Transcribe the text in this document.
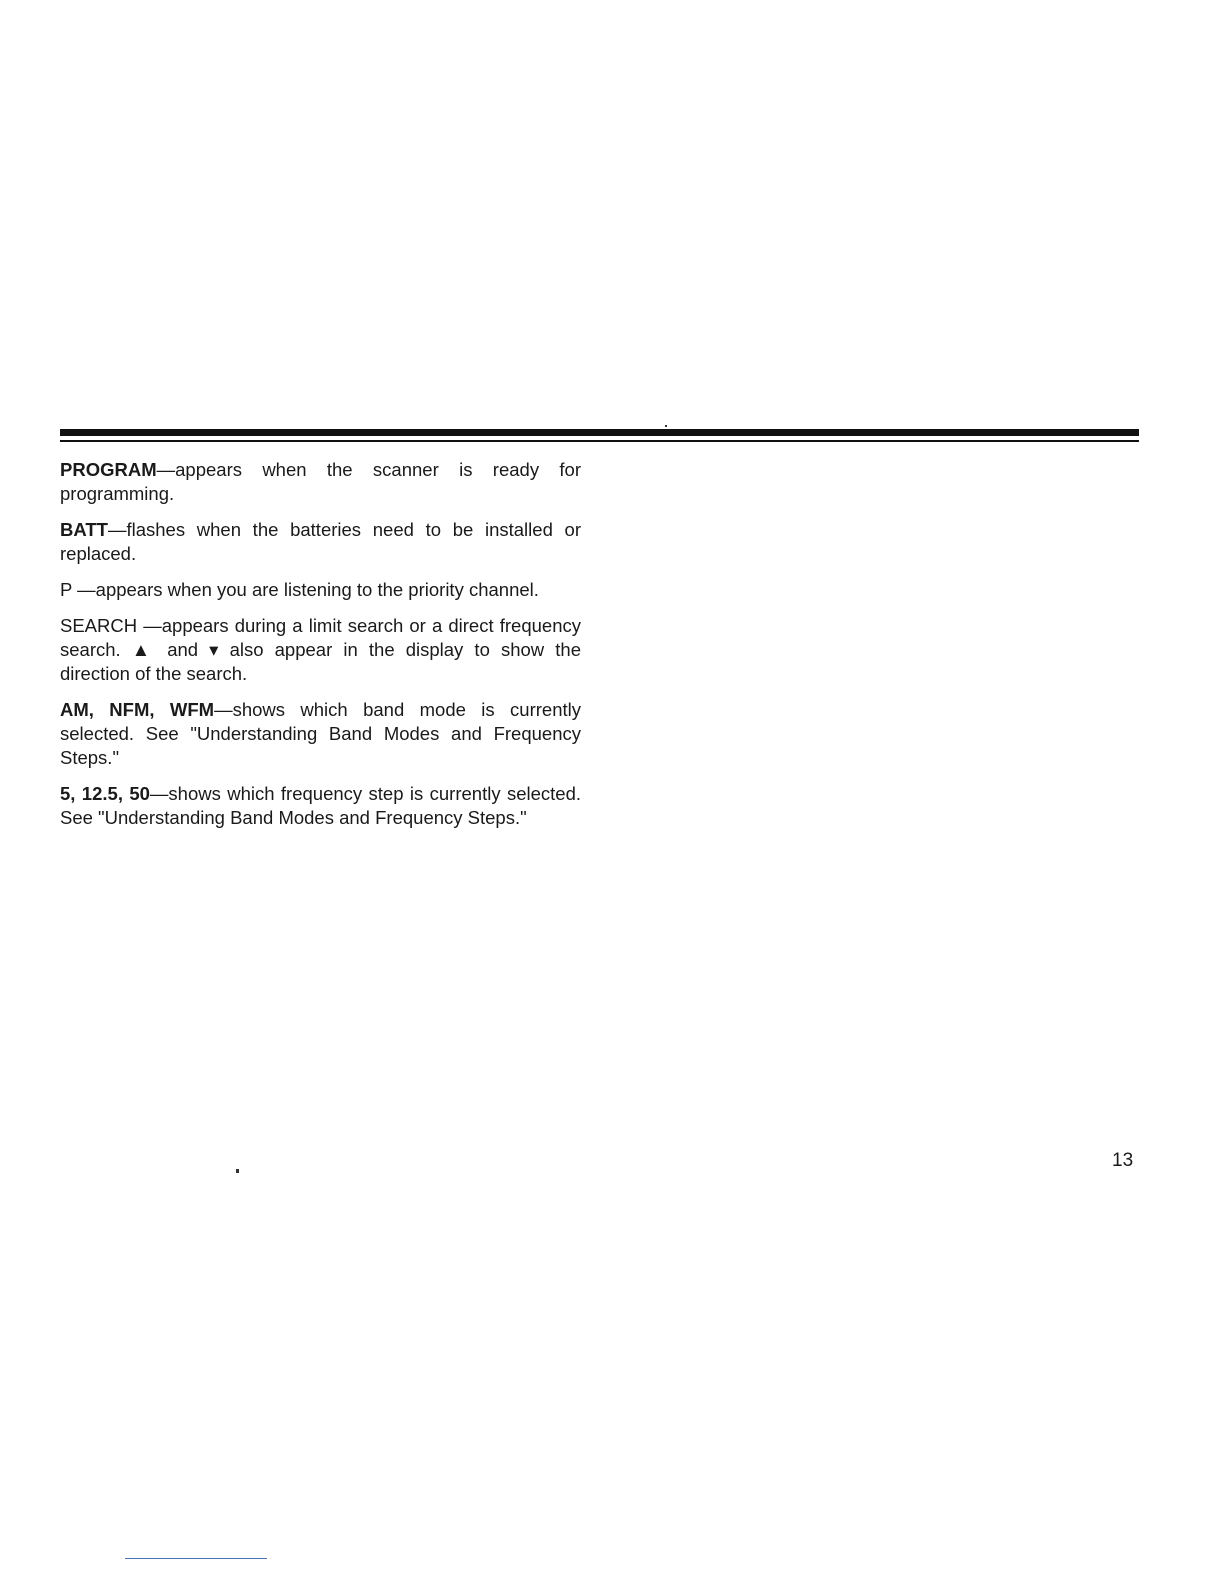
PROGRAM—appears when the scanner is ready for programming.

BATT—flashes when the batteries need to be installed or replaced.

P —appears when you are listening to the priority channel.

SEARCH —appears during a limit search or a direct frequency search. ▲ and ▾ also appear in the display to show the direction of the search.

AM, NFM, WFM—shows which band mode is currently selected. See "Understanding Band Modes and Frequency Steps."

5, 12.5, 50—shows which frequency step is currently selected. See "Understanding Band Modes and Frequency Steps."

13
